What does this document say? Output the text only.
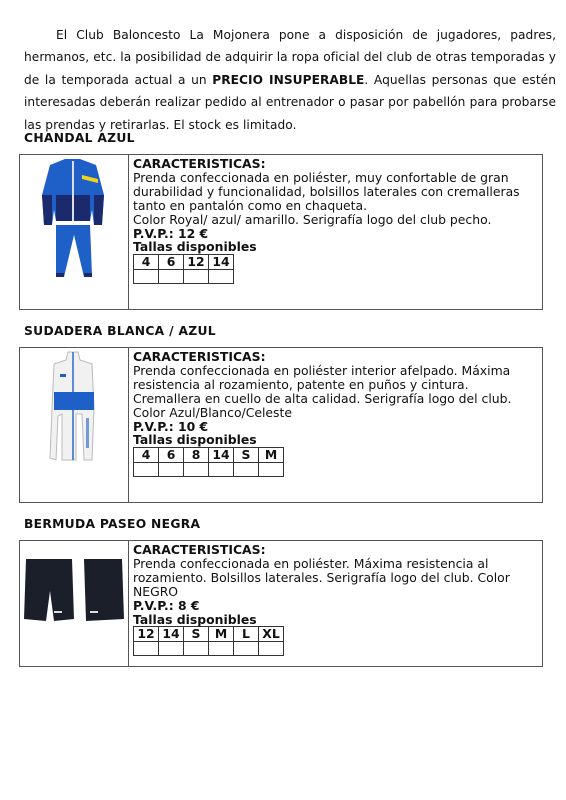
El Club Baloncesto La Mojonera pone a disposición de jugadores, padres, hermanos, etc. la posibilidad de adquirir la ropa oficial del club de otras temporadas y de la temporada actual a un PRECIO INSUPERABLE. Aquellas personas que estén interesadas deberán realizar pedido al entrenador o pasar por pabellón para probarse las prendas y retirarlas. El stock es limitado.
CHANDAL AZUL
CARACTERISTICAS:
Prenda confeccionada en poliéster, muy confortable de gran durabilidad y funcionalidad, bolsillos laterales con cremalleras tanto en pantalón como en chaqueta.
Color Royal/ azul/ amarillo. Serigrafía logo del club pecho.
P.V.P.: 12 €
Tallas disponibles
4	6	12	14

SUDADERA BLANCA / AZUL
CARACTERISTICAS:
Prenda confeccionada en poliéster interior afelpado. Máxima resistencia al rozamiento, patente en puños y cintura. Cremallera en cuello de alta calidad. Serigrafía logo del club. Color Azul/Blanco/Celeste
P.V.P.: 10 €
Tallas disponibles
4	6	8	14	S	M

BERMUDA PASEO NEGRA
CARACTERISTICAS:
Prenda confeccionada en poliéster. Máxima resistencia al rozamiento. Bolsillos laterales. Serigrafía logo del club. Color NEGRO
P.V.P.: 8 €
Tallas disponibles
12	14	S	M	L	XL
